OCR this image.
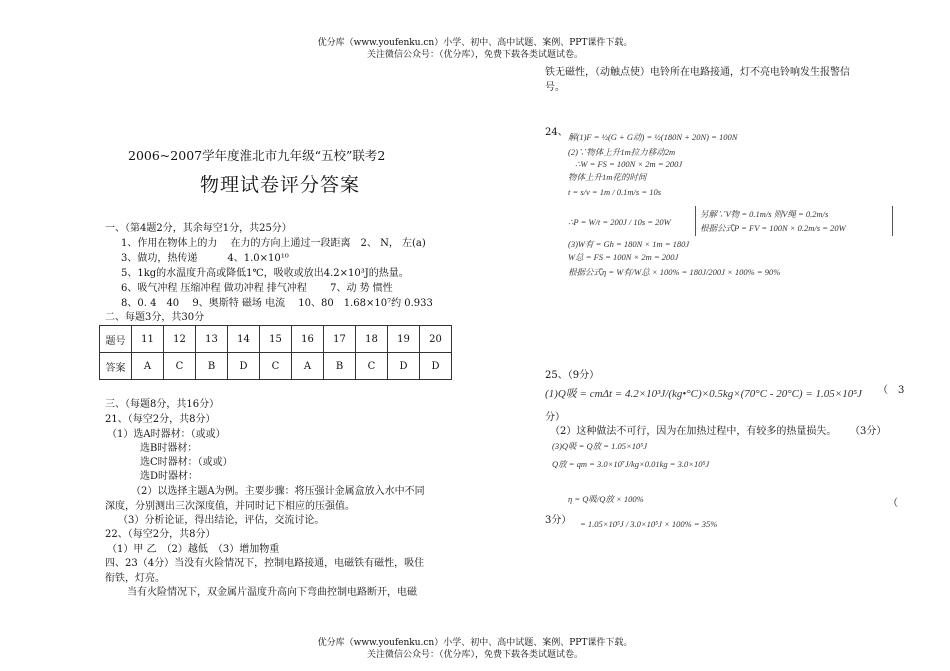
优分库（www.youfenku.cn）小学、初中、高中试题、案例、PPT课件下载。
关注微信公众号：（优分库），免费下载各类试题试卷。
2006~2007学年度淮北市九年级“五校”联考2
物理试卷评分答案
一、（第4题2分，其余每空1分，共25分）
1、作用在物体上的力　 在力的方向上通过一段距离　2、 N， 左(a)
3、做功，热传递　　　4、1.0×10¹⁰
5、1kg的水温度升高或降低1℃，吸收或放出4.2×10³J的热量。
6、吸气冲程 压缩冲程 做功冲程 排气冲程　　 7、动 势 惯性
8、0. 4　40　 9、奥斯特 磁场 电流　 10、80　1.68×10⁷约 0.933
二、每题3分，共30分
题号	11	12	13	14	15	16	17	18	19	20
答案	A	C	B	D	C	A	B	C	D	D
三、（每题8分，共16分）
21、（每空2分，共8分）
（1）选A时器材：（或或）
选B时器材：
选C时器材：（或或）
选D时器材：
（2）以选择主题A为例。主要步骤：将压强计金属盒放入水中不同
深度，分别测出三次深度值，并同时记下相应的压强值。
（3）分析论证，得出结论，评估，交流讨论。
22、（每空2分，共8分）
（1）甲 乙　（2）越低　（3）增加物重
四、23（4分）当没有火险情况下，控制电路接通，电磁铁有磁性，吸住
衔铁，灯亮。
当有火险情况下，双金属片温度升高向下弯曲控制电路断开，电磁
铁无磁性，（动触点使）电铃所在电路接通，灯不亮电铃响发生报警信
号。
24、 解(1)F = ½(G + G动) = ½(180N + 20N) = 100N
(2)∵物体上升1m拉力移动2m
∴W = FS = 100N × 2m = 200J
物体上升1m花的时间
t = s/v = 1m / 0.1m/s = 10s
∴P = W/t = 200J / 10s = 20W
另解∵V物 = 0.1m/s 则V绳 = 0.2m/s
根据公式P = FV = 100N × 0.2m/s = 20W
(3)W有 = Gh = 180N × 1m = 180J
W总 = FS = 100N × 2m = 200J
根据公式η = W有/W总 × 100% = 180J/200J × 100% = 90%
25、（9分）
(1)Q吸 = cmΔt = 4.2×10³J/(kg•°C)×0.5kg×(70°C - 20°C) = 1.05×10⁵J （　3
分）
（2）这种做法不可行，因为在加热过程中，有较多的热量损失。 （3分）
(3)Q吸 = Q放 = 1.05×10⁵J
Q放 = qm = 3.0×10⁷J/kg×0.01kg = 3.0×10⁵J
η = Q吸/Q放 × 100%	（
3分） = 1.05×10⁵J / 3.0×10⁵J × 100% = 35%
优分库（www.youfenku.cn）小学、初中、高中试题、案例、PPT课件下载。
关注微信公众号：（优分库），免费下载各类试题试卷。
